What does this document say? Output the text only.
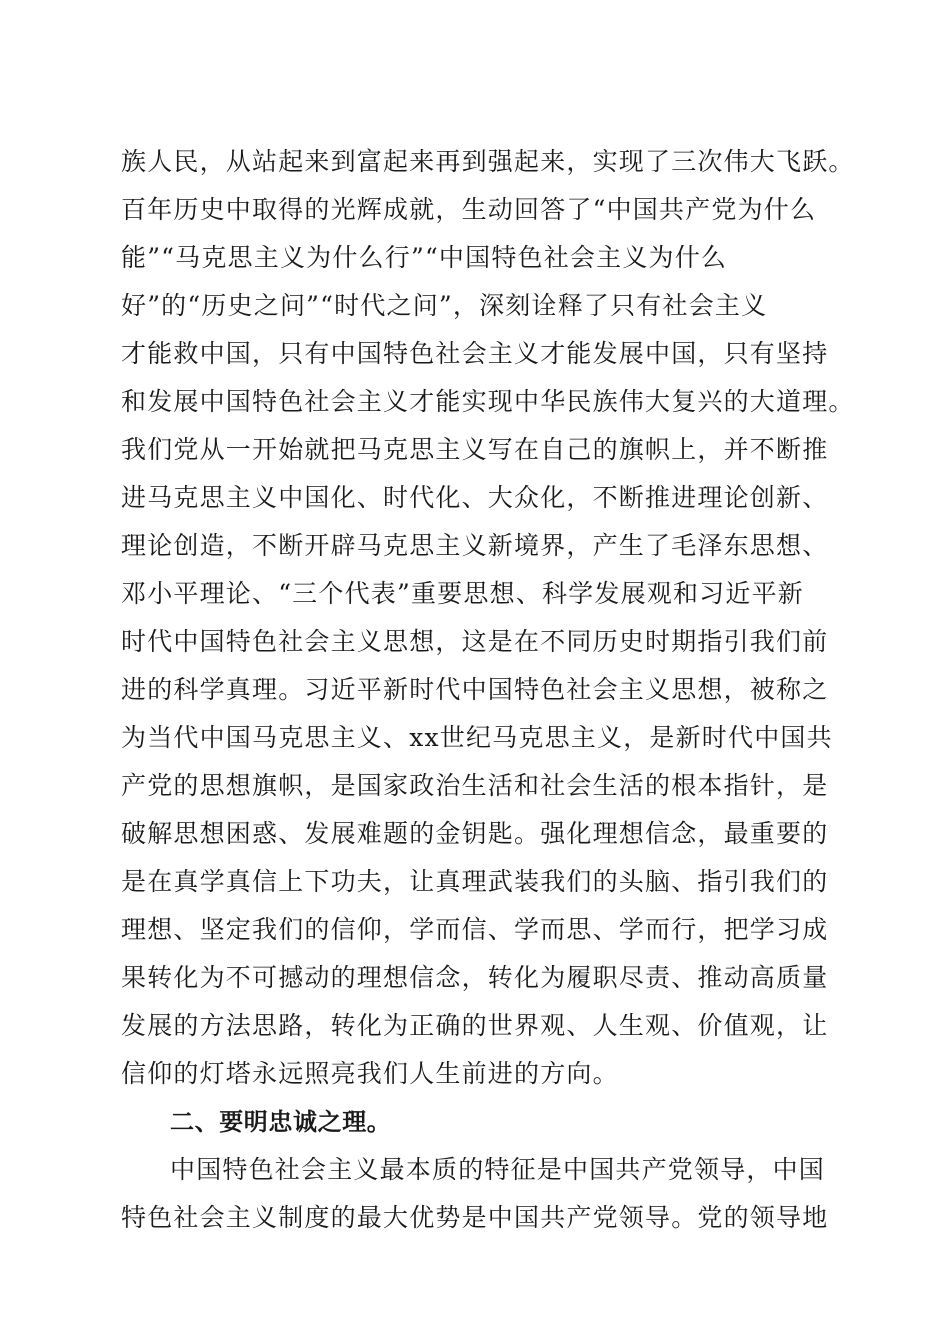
族人民，从站起来到富起来再到强起来，实现了三次伟大飞跃。
百年历史中取得的光辉成就，生动回答了“中国共产党为什么
能”“马克思主义为什么行”“中国特色社会主义为什么
好”的“历史之问”“时代之问”，深刻诠释了只有社会主义
才能救中国，只有中国特色社会主义才能发展中国，只有坚持
和发展中国特色社会主义才能实现中华民族伟大复兴的大道理。
我们党从一开始就把马克思主义写在自己的旗帜上，并不断推
进马克思主义中国化、时代化、大众化，不断推进理论创新、
理论创造，不断开辟马克思主义新境界，产生了毛泽东思想、
邓小平理论、“三个代表”重要思想、科学发展观和习近平新
时代中国特色社会主义思想，这是在不同历史时期指引我们前
进的科学真理。习近平新时代中国特色社会主义思想，被称之
为当代中国马克思主义、xx世纪马克思主义，是新时代中国共
产党的思想旗帜，是国家政治生活和社会生活的根本指针，是
破解思想困惑、发展难题的金钥匙。强化理想信念，最重要的
是在真学真信上下功夫，让真理武装我们的头脑、指引我们的
理想、坚定我们的信仰，学而信、学而思、学而行，把学习成
果转化为不可撼动的理想信念，转化为履职尽责、推动高质量
发展的方法思路，转化为正确的世界观、人生观、价值观，让
信仰的灯塔永远照亮我们人生前进的方向。
二、要明忠诚之理。
中国特色社会主义最本质的特征是中国共产党领导，中国
特色社会主义制度的最大优势是中国共产党领导。党的领导地
